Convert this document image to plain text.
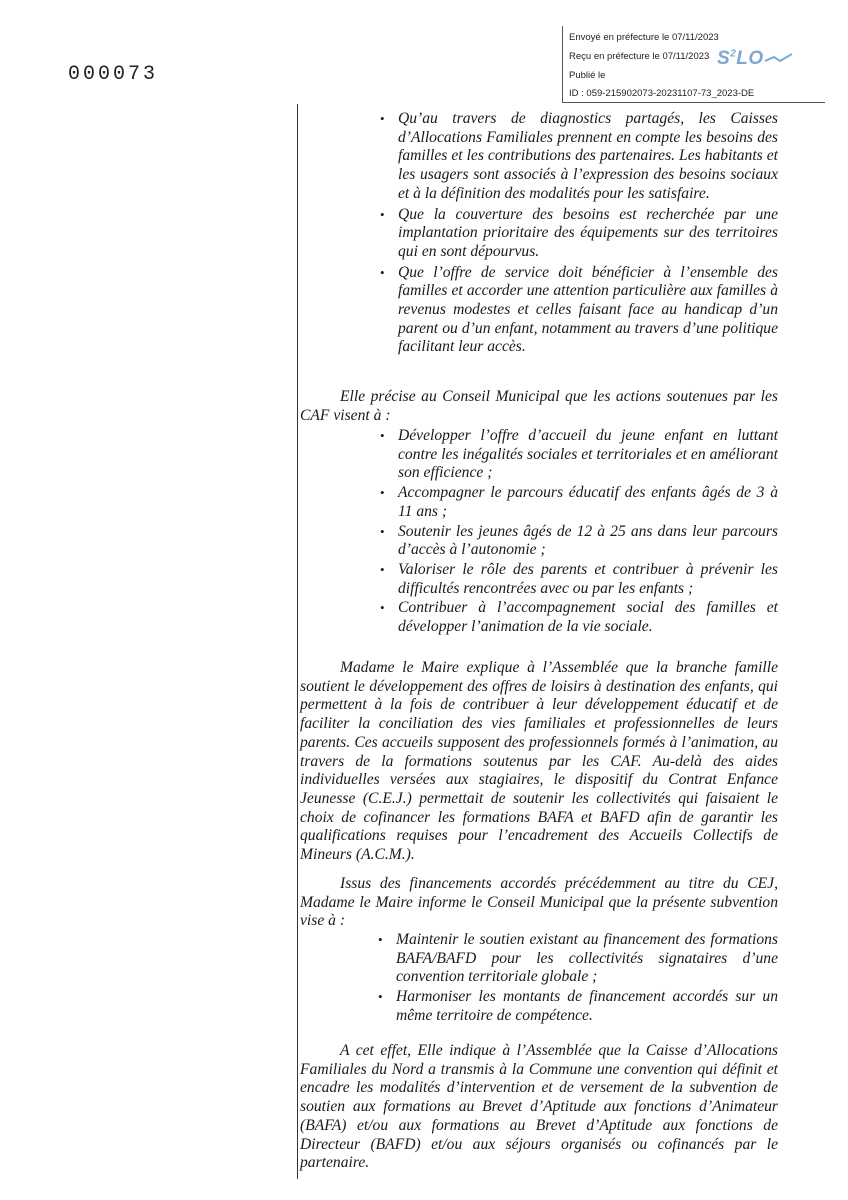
Envoyé en préfecture le 07/11/2023
Reçu en préfecture le 07/11/2023
Publié le
ID : 059-215902073-20231107-73_2023-DE
$S^2LO$
000073
• Qu’au travers de diagnostics partagés, les Caisses d’Allocations Familiales prennent en compte les besoins des familles et les contributions des partenaires. Les habitants et les usagers sont associés à l’expression des besoins sociaux et à la définition des modalités pour les satisfaire.
• Que la couverture des besoins est recherchée par une implantation prioritaire des équipements sur des territoires qui en sont dépourvus.
• Que l’offre de service doit bénéficier à l’ensemble des familles et accorder une attention particulière aux familles à revenus modestes et celles faisant face au handicap d’un parent ou d’un enfant, notamment au travers d’une politique facilitant leur accès.
Elle précise au Conseil Municipal que les actions soutenues par les CAF visent à :
• Développer l’offre d’accueil du jeune enfant en luttant contre les inégalités sociales et territoriales et en améliorant son efficience ;
• Accompagner le parcours éducatif des enfants âgés de 3 à 11 ans ;
• Soutenir les jeunes âgés de 12 à 25 ans dans leur parcours d’accès à l’autonomie ;
• Valoriser le rôle des parents et contribuer à prévenir les difficultés rencontrées avec ou par les enfants ;
• Contribuer à l’accompagnement social des familles et développer l’animation de la vie sociale.
Madame le Maire explique à l’Assemblée que la branche famille soutient le développement des offres de loisirs à destination des enfants, qui permettent à la fois de contribuer à leur développement éducatif et de faciliter la conciliation des vies familiales et professionnelles de leurs parents. Ces accueils supposent des professionnels formés à l’animation, au travers de la formations soutenus par les CAF. Au-delà des aides individuelles versées aux stagiaires, le dispositif du Contrat Enfance Jeunesse (C.E.J.) permettait de soutenir les collectivités qui faisaient le choix de cofinancer les formations BAFA et BAFD afin de garantir les qualifications requises pour l’encadrement des Accueils Collectifs de Mineurs (A.C.M.).
Issus des financements accordés précédemment au titre du CEJ, Madame le Maire informe le Conseil Municipal que la présente subvention vise à :
• Maintenir le soutien existant au financement des formations BAFA/BAFD pour les collectivités signataires d’une convention territoriale globale ;
• Harmoniser les montants de financement accordés sur un même territoire de compétence.
A cet effet, Elle indique à l’Assemblée que la Caisse d’Allocations Familiales du Nord a transmis à la Commune une convention qui définit et encadre les modalités d’intervention et de versement de la subvention de soutien aux formations au Brevet d’Aptitude aux fonctions d’Animateur (BAFA) et/ou aux formations au Brevet d’Aptitude aux fonctions de Directeur (BAFD) et/ou aux séjours organisés ou cofinancés par le partenaire.
